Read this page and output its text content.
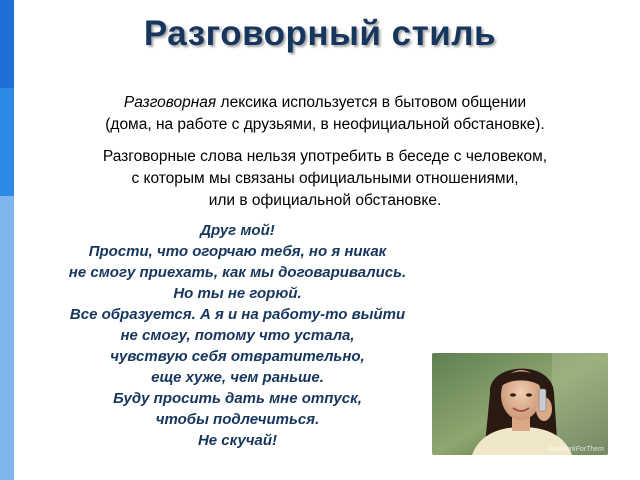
Разговорный стиль
Разговорная лексика используется в бытовом общении
(дома, на работе с друзьями, в неофициальной обстановке).
Разговорные слова нельзя употребить в беседе с человеком,
с которым мы связаны официальными отношениями,
или в официальной обстановке.
Друг мой!
Прости, что огорчаю тебя, но я никак
не смогу приехать, как мы договаривались.
Но ты не горюй.
Все образуется. А я и на работу-то выйти
не смогу, потому что устала,
чувствую себя отвратительно,
еще хуже, чем раньше.
Буду просить дать мне отпуск,
чтобы подлечиться.
Не скучай!
YouWorkForThem
